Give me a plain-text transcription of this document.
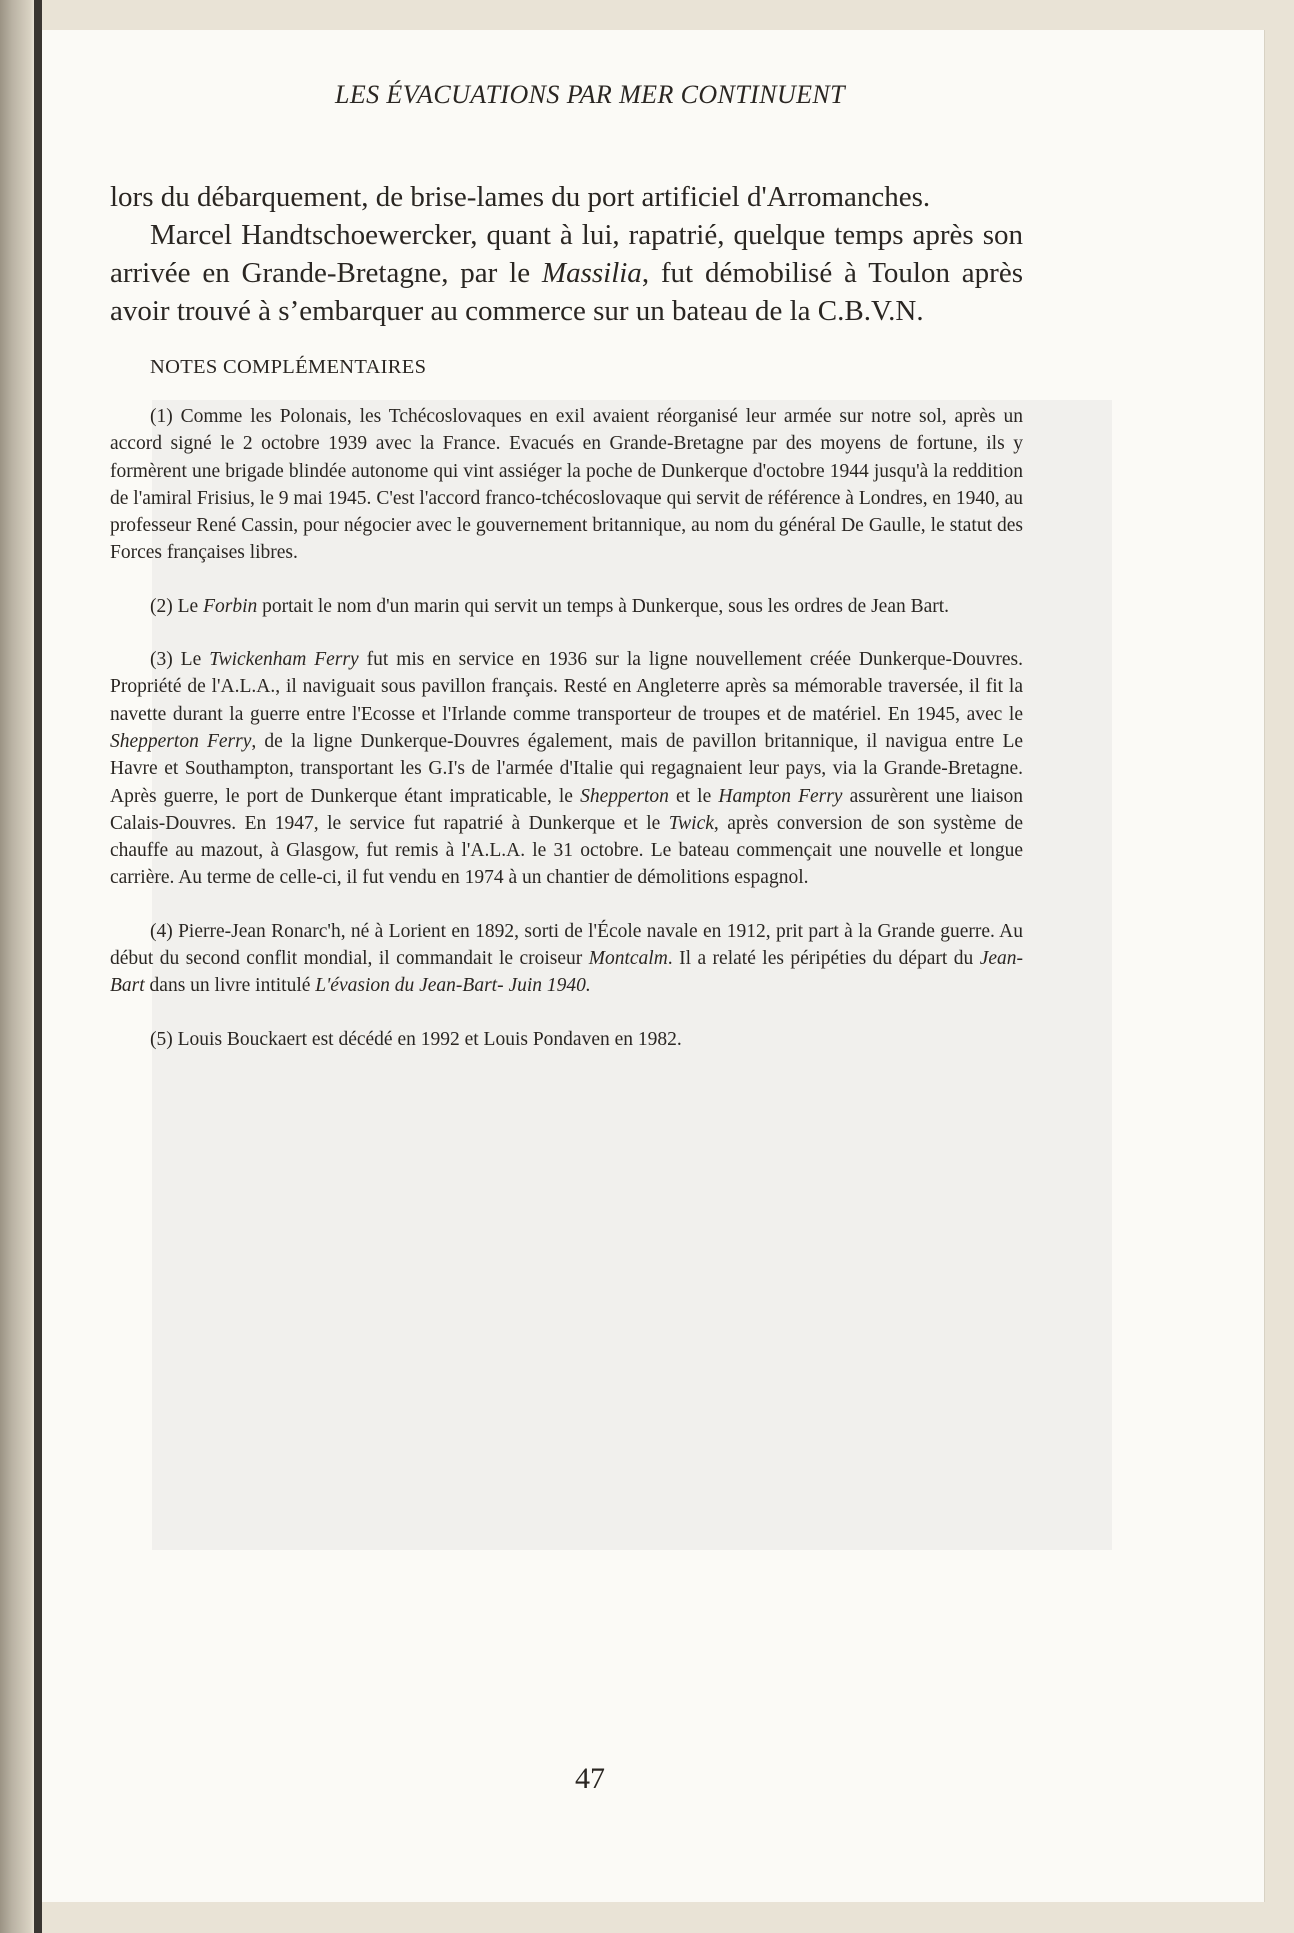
LES ÉVACUATIONS PAR MER CONTINUENT

lors du débarquement, de brise-lames du port artificiel d'Arromanches.

Marcel Handtschoewercker, quant à lui, rapatrié, quelque temps après son arrivée en Grande-Bretagne, par le Massilia, fut démobilisé à Toulon après avoir trouvé à s’embarquer au commerce sur un bateau de la C.B.V.N.

NOTES COMPLÉMENTAIRES

(1) Comme les Polonais, les Tchécoslovaques en exil avaient réorganisé leur armée sur notre sol, après un accord signé le 2 octobre 1939 avec la France. Evacués en Grande-Bretagne par des moyens de fortune, ils y formèrent une brigade blindée autonome qui vint assiéger la poche de Dunkerque d'octobre 1944 jusqu'à la reddition de l'amiral Frisius, le 9 mai 1945. C'est l'accord franco-tchécoslovaque qui servit de référence à Londres, en 1940, au professeur René Cassin, pour négocier avec le gouvernement britannique, au nom du général De Gaulle, le statut des Forces françaises libres.

(2) Le Forbin portait le nom d'un marin qui servit un temps à Dunkerque, sous les ordres de Jean Bart.

(3) Le Twickenham Ferry fut mis en service en 1936 sur la ligne nouvellement créée Dunkerque-Douvres. Propriété de l'A.L.A., il naviguait sous pavillon français. Resté en Angleterre après sa mémorable traversée, il fit la navette durant la guerre entre l'Ecosse et l'Irlande comme transporteur de troupes et de matériel. En 1945, avec le Shepperton Ferry, de la ligne Dunkerque-Douvres également, mais de pavillon britannique, il navigua entre Le Havre et Southampton, transportant les G.I's de l'armée d'Italie qui regagnaient leur pays, via la Grande-Bretagne. Après guerre, le port de Dunkerque étant impraticable, le Shepperton et le Hampton Ferry assurèrent une liaison Calais-Douvres. En 1947, le service fut rapatrié à Dunkerque et le Twick, après conversion de son système de chauffe au mazout, à Glasgow, fut remis à l'A.L.A. le 31 octobre. Le bateau commençait une nouvelle et longue carrière. Au terme de celle-ci, il fut vendu en 1974 à un chantier de démolitions espagnol.

(4) Pierre-Jean Ronarc'h, né à Lorient en 1892, sorti de l'École navale en 1912, prit part à la Grande guerre. Au début du second conflit mondial, il commandait le croiseur Montcalm. Il a relaté les péripéties du départ du Jean-Bart dans un livre intitulé L'évasion du Jean-Bart- Juin 1940.

(5) Louis Bouckaert est décédé en 1992 et Louis Pondaven en 1982.

47
